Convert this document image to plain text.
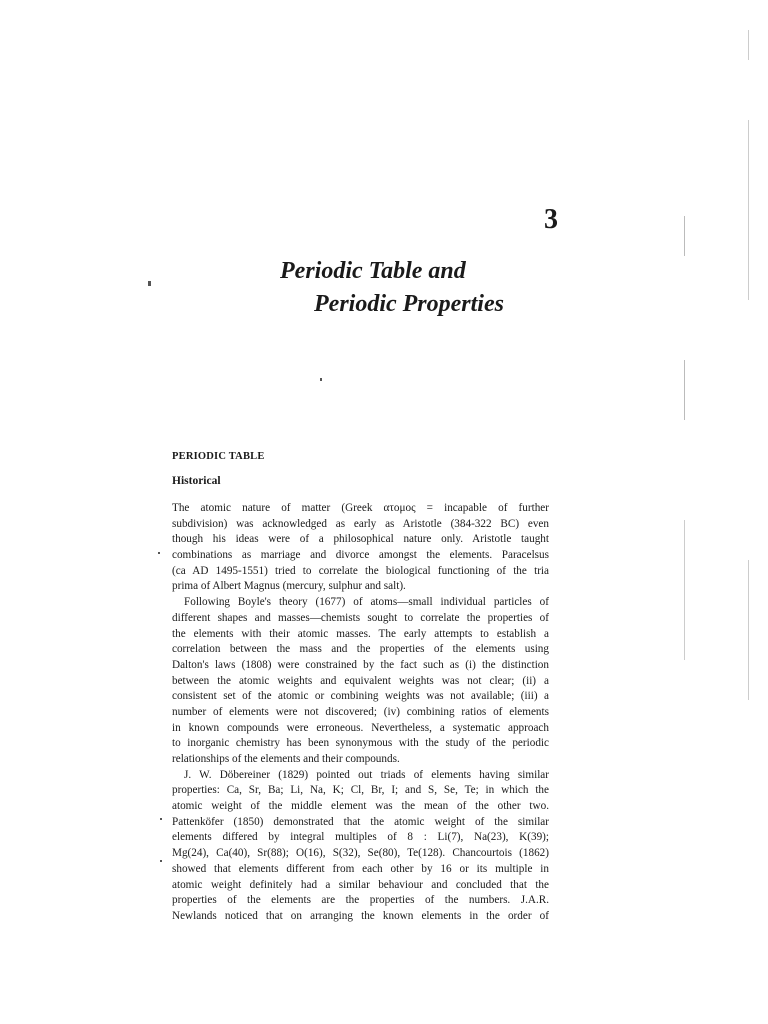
3
Periodic Table and
Periodic Properties
PERIODIC TABLE
Historical
The atomic nature of matter (Greek ατομος = incapable of further
subdivision) was acknowledged as early as Aristotle (384-322 BC) even
though his ideas were of a philosophical nature only. Aristotle taught
combinations as marriage and divorce amongst the elements. Paracelsus
(ca AD 1495-1551) tried to correlate the biological functioning of the tria
prima of Albert Magnus (mercury, sulphur and salt).
Following Boyle's theory (1677) of atoms—small individual particles of
different shapes and masses—chemists sought to correlate the properties of
the elements with their atomic masses. The early attempts to establish a
correlation between the mass and the properties of the elements using
Dalton's laws (1808) were constrained by the fact such as (i) the distinction
between the atomic weights and equivalent weights was not clear; (ii) a
consistent set of the atomic or combining weights was not available; (iii) a
number of elements were not discovered; (iv) combining ratios of elements
in known compounds were erroneous. Nevertheless, a systematic approach
to inorganic chemistry has been synonymous with the study of the periodic
relationships of the elements and their compounds.
J. W. Döbereiner (1829) pointed out triads of elements having similar
properties: Ca, Sr, Ba; Li, Na, K; Cl, Br, I; and S, Se, Te; in which the
atomic weight of the middle element was the mean of the other two.
Pattenköfer (1850) demonstrated that the atomic weight of the similar
elements differed by integral multiples of 8 : Li(7), Na(23), K(39);
Mg(24), Ca(40), Sr(88); O(16), S(32), Se(80), Te(128). Chancourtois (1862)
showed that elements different from each other by 16 or its multiple in
atomic weight definitely had a similar behaviour and concluded that the
properties of the elements are the properties of the numbers. J.A.R.
Newlands noticed that on arranging the known elements in the order of
